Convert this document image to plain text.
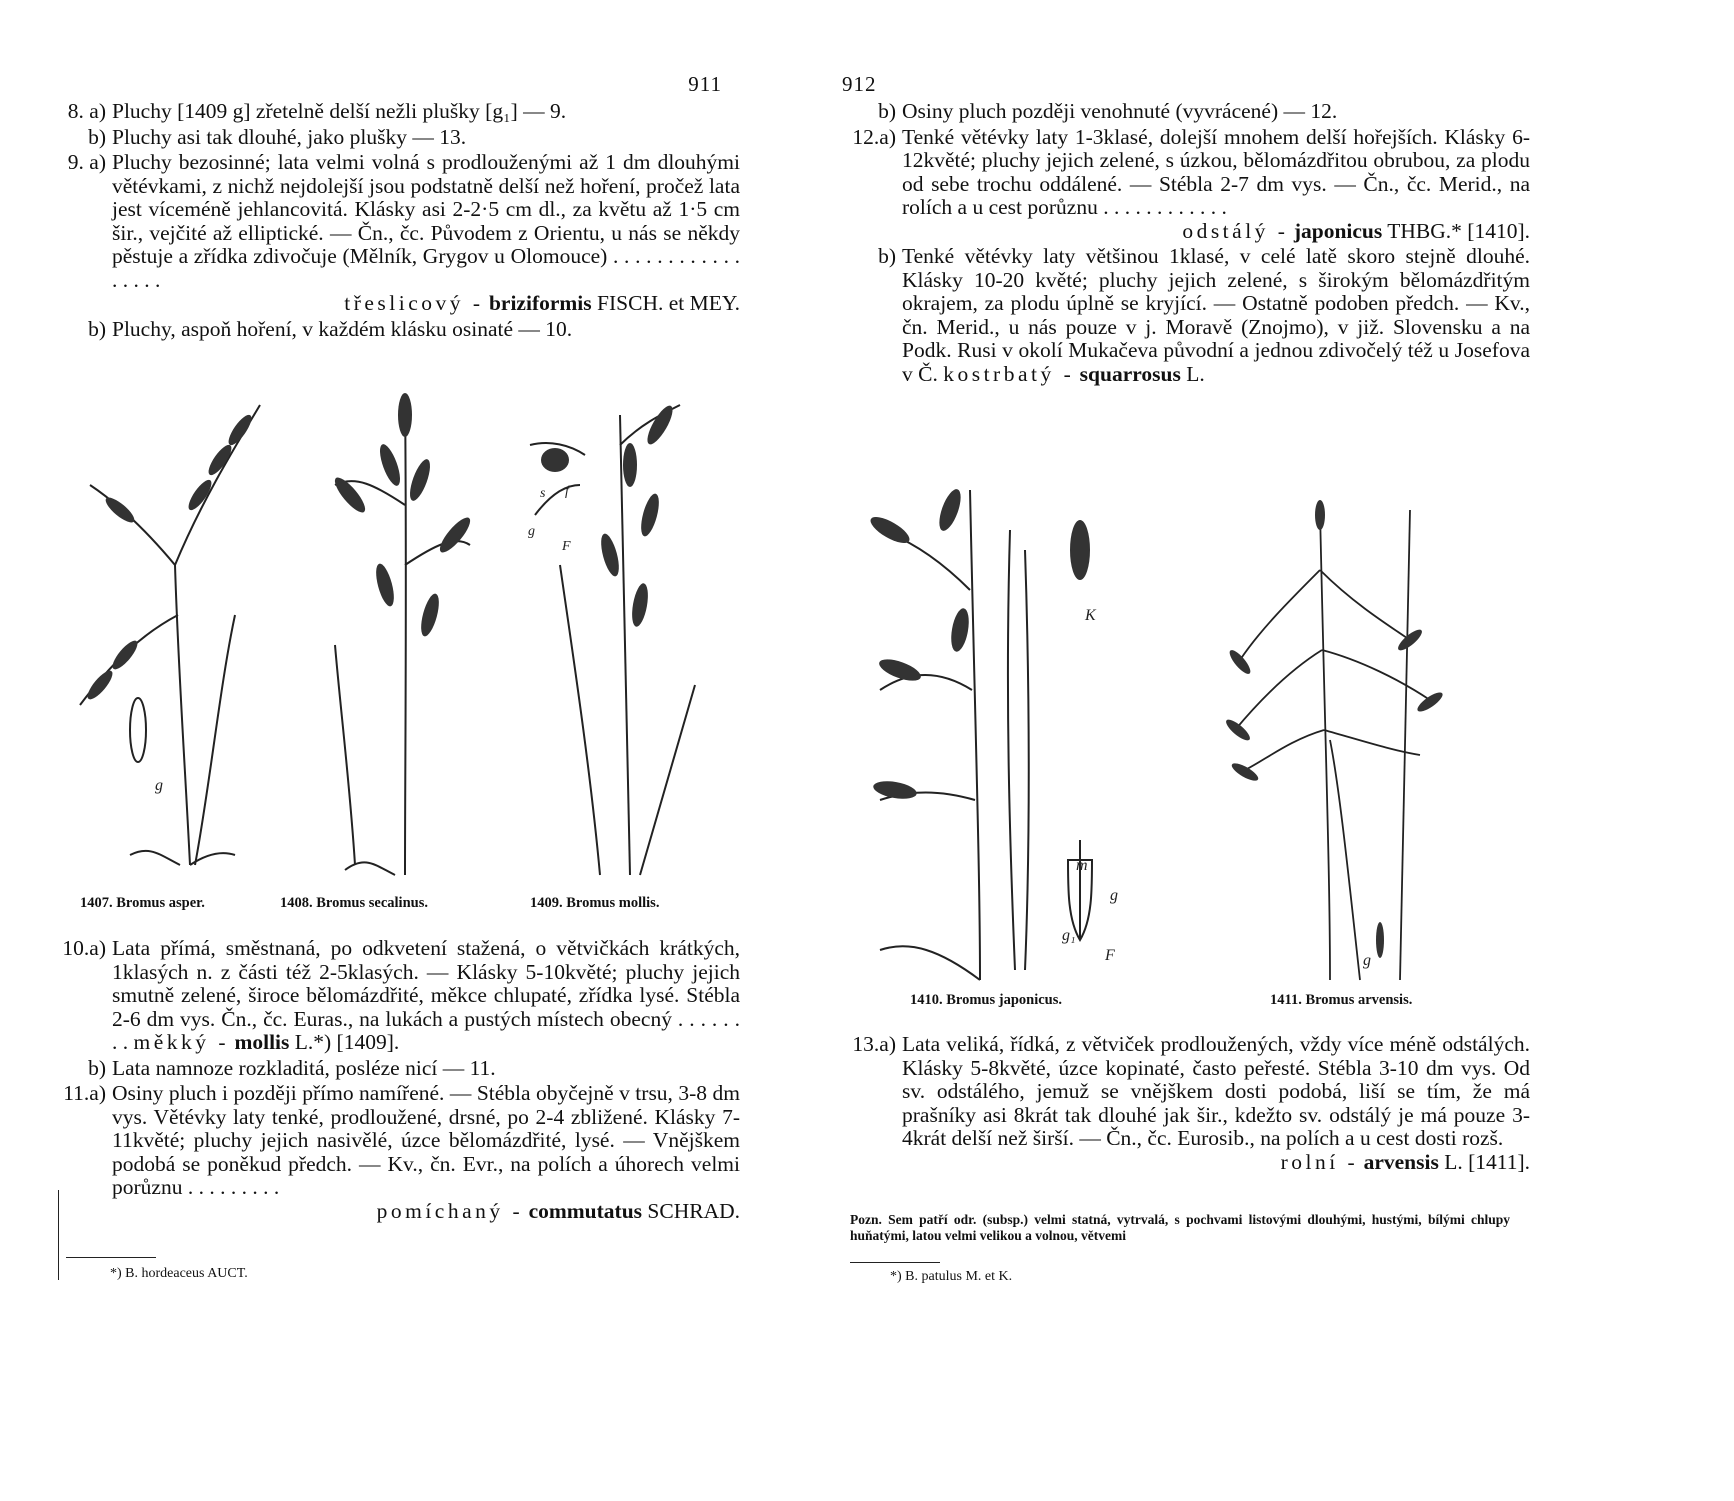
911
8. a) Pluchy [1409 g] zřetelně delší nežli plušky [g₁] — 9.
b) Pluchy asi tak dlouhé, jako plušky — 13.
9. a) Pluchy bezosinné; lata velmi volná s prodlouženými až 1 dm dlouhými větévkami, z nichž nejdolejší jsou podstatně delší než hoření, pročež lata jest víceméně jehlancovitá. Klásky asi 2-2·5 cm dl., za květu až 1·5 cm šir., vejčité až elliptické. — Čn., čc. Původem z Orientu, u nás se někdy pěstuje a zřídka zdivočuje (Mělník, Grygov u Olomouce) . . . . . . . . . . . . . . . . .
třeslicový - briziformis FISCH. et MEY.
b) Pluchy, aspoň hoření, v každém klásku osinaté — 10.
g
g
f
F
s
1407. Bromus asper.	1408. Bromus secalinus.	1409. Bromus mollis.
10.a) Lata přímá, směstnaná, po odkvetení stažená, o větvičkách krátkých, 1klasých n. z části též 2-5klasých. — Klásky 5-10květé; pluchy jejich smutně zelené, široce bělomázdřité, měkce chlupaté, zřídka lysé. Stébla 2-6 dm vys. Čn., čc. Euras., na lukách a pustých místech obecný . . . . . . . . měkký - mollis L.*) [1409].
b) Lata namnoze rozkladitá, posléze nicí — 11.
11.a) Osiny pluch i později přímo namířené. — Stébla obyčejně v trsu, 3-8 dm vys. Větévky laty tenké, prodloužené, drsné, po 2-4 zbližené. Klásky 7-11květé; pluchy jejich nasivělé, úzce bělomázdřité, lysé. — Vnějškem podobá se poněkud předch. — Kv., čn. Evr., na polích a úhorech velmi porůznu . . . . . . . . .
pomíchaný - commutatus SCHRAD.
*) B. hordeaceus AUCT.
912
b) Osiny pluch později venohnuté (vyvrácené) — 12.
12.a) Tenké větévky laty 1-3klasé, dolejší mnohem delší hořejších. Klásky 6-12květé; pluchy jejich zelené, s úzkou, bělomázdřitou obrubou, za plodu od sebe trochu oddálené. — Stébla 2-7 dm vys. — Čn., čc. Merid., na rolích a u cest porůznu . . . . . . . . . . . .
odstálý - japonicus THBG.* [1410].
b) Tenké větévky laty většinou 1klasé, v celé latě skoro stejně dlouhé. Klásky 10-20 květé; pluchy jejich zelené, s širokým bělomázdřitým okrajem, za plodu úplně se kryjící. — Ostatně podoben předch. — Kv., čn. Merid., u nás pouze v j. Moravě (Znojmo), v již. Slovensku a na Podk. Rusi v okolí Mukačeva původní a jednou zdivočelý též u Josefova v Č. kostrbatý - squarrosus L.
K
m
g
g₁
F	g
1410. Bromus japonicus.	1411. Bromus arvensis.
13.a) Lata veliká, řídká, z větviček prodloužených, vždy více méně odstálých. Klásky 5-8květé, úzce kopinaté, často peřesté. Stébla 3-10 dm vys. Od sv. odstálého, jemuž se vnějškem dosti podobá, liší se tím, že má prašníky asi 8krát tak dlouhé jak šir., kdežto sv. odstálý je má pouze 3-4krát delší než širší. — Čn., čc. Eurosib., na polích a u cest dosti rozš.
rolní - arvensis L. [1411].
Pozn. Sem patří odr. (subsp.) velmi statná, vytrvalá, s pochvami listovými dlouhými, hustými, bílými chlupy huňatými, latou velmi velikou a volnou, větvemi
*) B. patulus M. et K.
